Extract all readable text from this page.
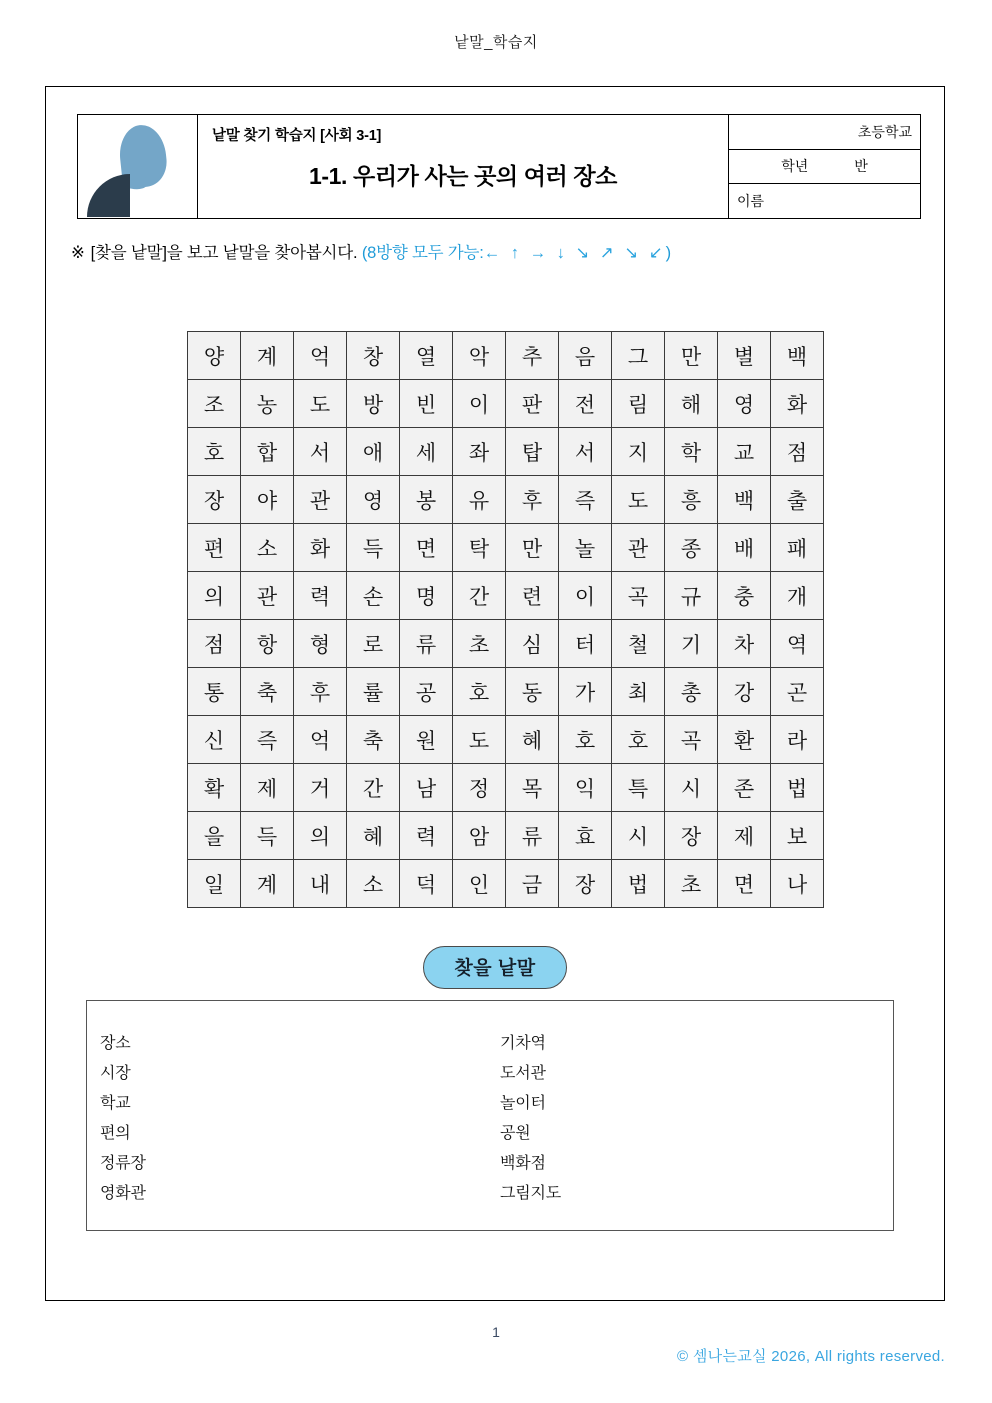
낱말_학습지

낱말 찾기 학습지 [사회 3-1]
1-1. 우리가 사는 곳의 여러 장소

초등학교
학년	반
이름
※ [찾을 낱말]을 보고 낱말을 찾아봅시다. (8방향 모두 가능:← ↑ → ↓ ↘ ↗ ↘ ↙)
양	계	억	창	열	악	추	음	그	만	별	백
조	농	도	방	빈	이	판	전	림	해	영	화
호	합	서	애	세	좌	탑	서	지	학	교	점
장	야	관	영	봉	유	후	즉	도	흥	백	출
편	소	화	득	면	탁	만	놀	관	종	배	패
의	관	력	손	명	간	련	이	곡	규	충	개
점	항	형	로	류	초	심	터	철	기	차	역
통	축	후	률	공	호	동	가	최	총	강	곤
신	즉	억	축	원	도	혜	호	호	곡	환	라
확	제	거	간	남	정	목	익	특	시	존	법
을	득	의	혜	력	암	류	효	시	장	제	보
일	계	내	소	덕	인	금	장	법	초	면	나
찾을 낱말
장소
시장
학교
편의
정류장
영화관
기차역
도서관
놀이터
공원
백화점
그림지도
1
© 셈나는교실 2026, All rights reserved.
